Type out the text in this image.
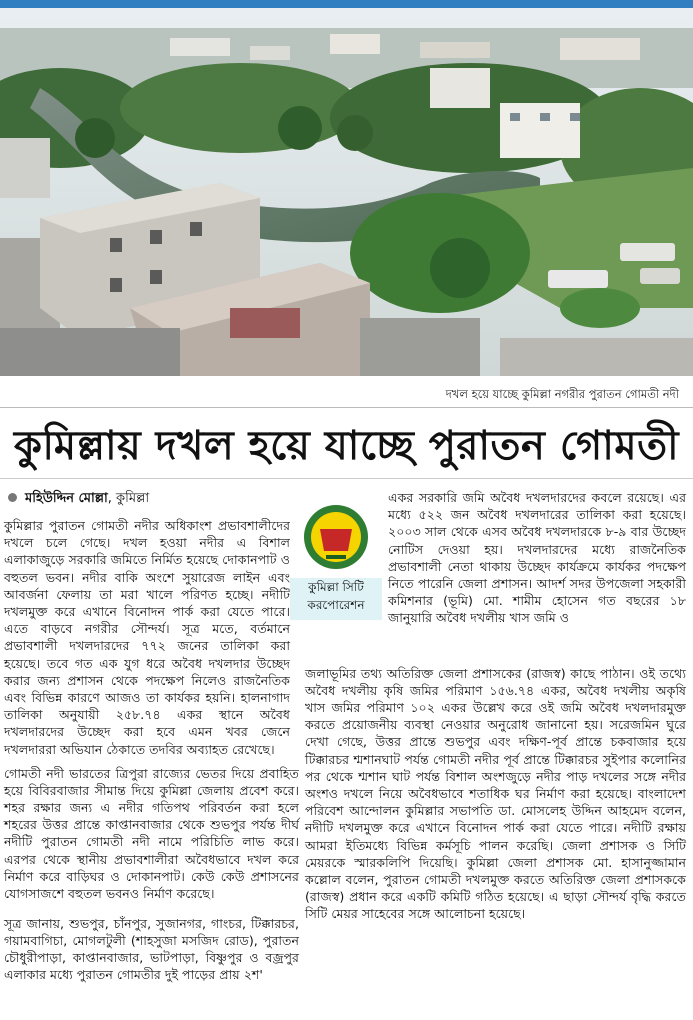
দখল হয়ে যাচ্ছে কুমিল্লা নগরীর পুরাতন গোমতী নদী
কুমিল্লায় দখল হয়ে যাচ্ছে পুরাতন গোমতী
মহিউদ্দিন মোল্লা, কুমিল্লা

কুমিল্লার পুরাতন গোমতী নদীর অধিকাংশ প্রভাবশালীদের দখলে চলে গেছে। দখল হওয়া নদীর এ বিশাল এলাকাজুড়ে সরকারি জমিতে নির্মিত হয়েছে দোকানপাট ও বহুতল ভবন। নদীর বাকি অংশে সুয়ারেজ লাইন এবং আবর্জনা ফেলায় তা মরা খালে পরিণত হচ্ছে। নদীটি দখলমুক্ত করে এখানে বিনোদন পার্ক করা যেতে পারে। এতে বাড়বে নগরীর সৌন্দর্য। সূত্র মতে, বর্তমানে প্রভাবশালী দখলদারদের ৭৭২ জনের তালিকা করা হয়েছে। তবে গত এক যুগ ধরে অবৈধ দখলদার উচ্ছেদ করার জন্য প্রশাসন থেকে পদক্ষেপ নিলেও রাজনৈতিক এবং বিভিন্ন কারণে আজও তা কার্যকর হয়নি। হালনাগাদ তালিকা অনুযায়ী ২৫৮.৭৪ একর স্থানে অবৈধ দখলদারদের উচ্ছেদ করা হবে এমন খবর জেনে দখলদাররা অভিযান ঠেকাতে তদবির অব্যাহত রেখেছে।

কুমিল্লা সিটি করপোরেশন

একর সরকারি জমি অবৈধ দখলদারদের কবলে রয়েছে। এর মধ্যে ৫২২ জন অবৈধ দখলদারের তালিকা করা হয়েছে। ২০০৩ সাল থেকে এসব অবৈধ দখলদারকে ৮-৯ বার উচ্ছেদ নোটিস দেওয়া হয়। দখলদারদের মধ্যে রাজনৈতিক প্রভাবশালী নেতা থাকায় উচ্ছেদ কার্যক্রমে কার্যকর পদক্ষেপ নিতে পারেনি জেলা প্রশাসন। আদর্শ সদর উপজেলা সহকারী কমিশনার (ভূমি) মো. শামীম হোসেন গত বছরের ১৮ জানুয়ারি অবৈধ দখলীয় খাস জমি ও

জলাভূমির তথ্য অতিরিক্ত জেলা প্রশাসকের (রাজস্ব) কাছে পাঠান। ওই তথ্যে অবৈধ দখলীয় কৃষি জমির পরিমাণ ১৫৬.৭৪ একর, অবৈধ দখলীয় অকৃষি খাস জমির পরিমাণ ১০২ একর উল্লেখ করে ওই জমি অবৈধ দখলদারমুক্ত করতে প্রয়োজনীয় ব্যবস্থা নেওয়ার অনুরোধ জানানো হয়। সরেজমিন ঘুরে দেখা গেছে, উত্তর প্রান্তে শুভপুর এবং দক্ষিণ-পূর্ব প্রান্তে চকবাজার হয়ে টিক্কারচর শ্মশানঘাট পর্যন্ত গোমতী নদীর পূর্ব প্রান্তে টিক্কারচর সুইপার কলোনির পর থেকে শ্মশান ঘাট পর্যন্ত বিশাল অংশজুড়ে নদীর পাড় দখলের সঙ্গে নদীর অংশও দখলে নিয়ে অবৈধভাবে শতাধিক ঘর নির্মাণ করা হয়েছে। বাংলাদেশ পরিবেশ আন্দোলন কুমিল্লার সভাপতি ডা. মোসলেহ উদ্দিন আহমেদ বলেন, নদীটি দখলমুক্ত করে এখানে বিনোদন পার্ক করা যেতে পারে। নদীটি রক্ষায় আমরা ইতিমধ্যে বিভিন্ন কর্মসূচি পালন করেছি। জেলা প্রশাসক ও সিটি মেয়রকে স্মারকলিপি দিয়েছি। কুমিল্লা জেলা প্রশাসক মো. হাসানুজ্জামান কল্লোল বলেন, পুরাতন গোমতী দখলমুক্ত করতে অতিরিক্ত জেলা প্রশাসককে (রাজস্ব) প্রধান করে একটি কমিটি গঠিত হয়েছে। এ ছাড়া সৌন্দর্য বৃদ্ধি করতে সিটি মেয়র সাহেবের সঙ্গে আলোচনা হয়েছে।

গোমতী নদী ভারতের ত্রিপুরা রাজ্যের ভেতর দিয়ে প্রবাহিত হয়ে বিবিরবাজার সীমান্ত দিয়ে কুমিল্লা জেলায় প্রবেশ করে। শহর রক্ষার জন্য এ নদীর গতিপথ পরিবর্তন করা হলে শহরের উত্তর প্রান্তে কাপ্তানবাজার থেকে শুভপুর পর্যন্ত দীর্ঘ নদীটি পুরাতন গোমতী নদী নামে পরিচিতি লাভ করে। এরপর থেকে স্থানীয় প্রভাবশালীরা অবৈধভাবে দখল করে নির্মাণ করে বাড়িঘর ও দোকানপাট। কেউ কেউ প্রশাসনের যোগসাজশে বহুতল ভবনও নির্মাণ করেছে।

সূত্র জানায়, শুভপুর, চাঁনপুর, সুজানগর, গাংচর, টিক্কারচর, গয়ামবাগিচা, মোগলটুলী (শাহসুজা মসজিদ রোড), পুরাতন চৌধুরীপাড়া, কাপ্তানবাজার, ভাটপাড়া, বিষ্ণুপুর ও বজ্রপুর এলাকার মধ্যে পুরাতন গোমতীর দুই পাড়ের প্রায় ২শ'
